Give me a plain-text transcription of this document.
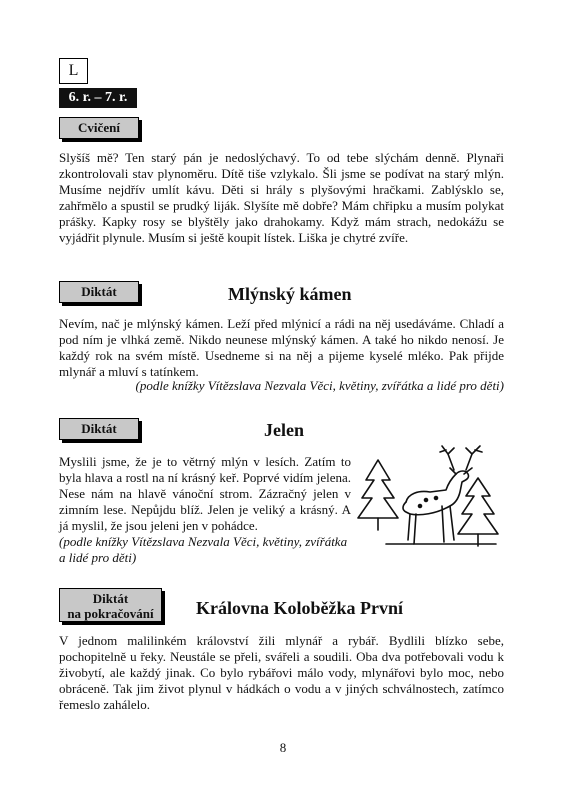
L
6. r. – 7. r.
Cvičení

Slyšíš mě? Ten starý pán je nedoslýchavý. To od tebe slýchám denně. Plynaři zkontrolovali stav plynoměru. Dítě tiše vzlykalo. Šli jsme se podívat na starý mlýn. Musíme nejdřív umlít kávu. Děti si hrály s plyšovými hračkami. Zablýsklo se, zahřmělo a spustil se prudký liják. Slyšíte mě dobře? Mám chřipku a musím polykat prášky. Kapky rosy se blyštěly jako drahokamy. Když mám strach, nedokážu se vyjádřit plynule. Musím si ještě koupit lístek. Liška je chytré zvíře.

Diktát	Mlýnský kámen

Nevím, nač je mlýnský kámen. Leží před mlýnicí a rádi na něj usedáváme. Chladí a pod ním je vlhká země. Nikdo neunese mlýnský kámen. A také ho nikdo nenosí. Je každý rok na svém místě. Usedneme si na něj a pijeme kyselé mléko. Pak přijde mlynář a mluví s tatínkem.

(podle knížky Vítězslava Nezvala Věci, květiny, zvířátka a lidé pro děti)
Diktát	Jelen

Myslili jsme, že je to větrný mlýn v lesích. Zatím to byla hlava a rostl na ní krásný keř. Poprvé vidím jelena. Nese nám na hlavě vánoční strom. Zázračný jelen v zimním lese. Nepůjdu blíž. Jelen je veliký a krásný. A já myslil, že jsou jeleni jen v pohádce.

(podle knížky Vítězslava Nezvala Věci, květiny, zvířátka a lidé pro děti)
Diktát
na pokračování	Královna Koloběžka První

V jednom malilinkém království žili mlynář a rybář. Bydlili blízko sebe, pochopitelně u řeky. Neustále se přeli, svářeli a soudili. Oba dva potřebovali vodu k živobytí, ale každý jinak. Co bylo rybářovi málo vody, mlynářovi bylo moc, nebo obráceně. Tak jim život plynul v hádkách o vodu a v jiných schválnostech, zatímco řemeslo zahálelo.

8
